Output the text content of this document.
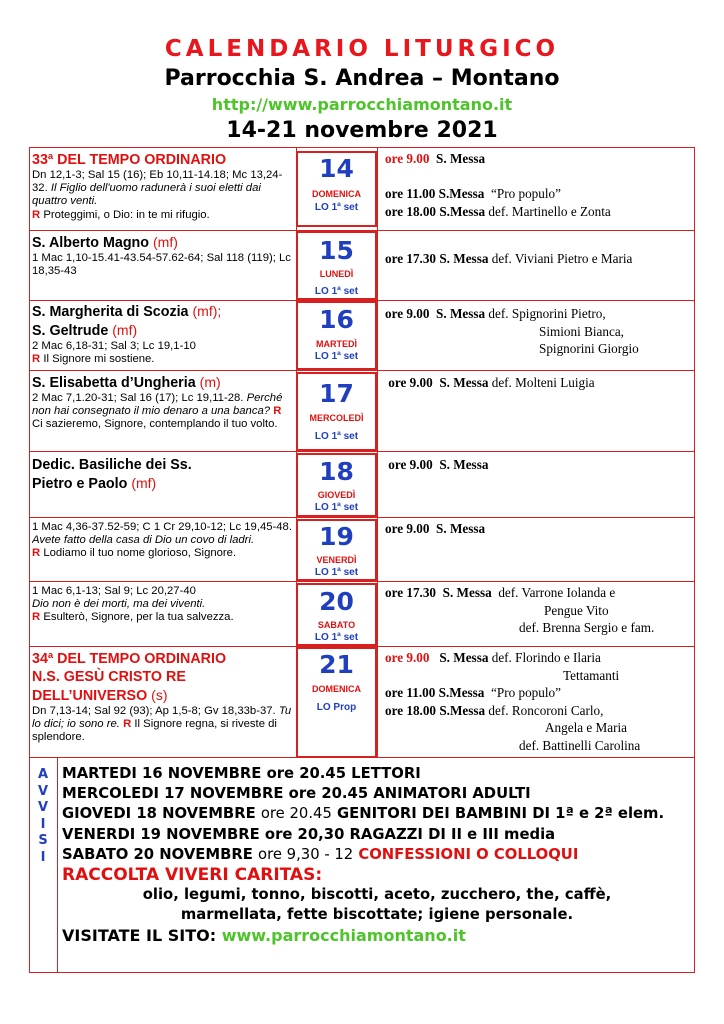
CALENDARIO LITURGICO
Parrocchia S. Andrea – Montano
http://www.parrocchiamontano.it
14-21 novembre 2021
33ª DEL TEMPO ORDINARIO
Dn 12,1-3; Sal 15 (16); Eb 10,11-14.18; Mc 13,24-32. Il Figlio dell'uomo radunerà i suoi eletti dai quattro venti.
R Proteggimi, o Dio: in te mi rifugio.
14
DOMENICA
LO 1ª set
ore 9.00 S. Messa

ore 11.00 S.Messa “Pro populo”
ore 18.00 S.Messa def. Martinello e Zonta
S. Alberto Magno (mf)
1 Mac 1,10-15.41-43.54-57.62-64; Sal 118 (119); Lc 18,35-43
15
LUNEDÌ
LO 1ª set
ore 17.30 S. Messa def. Viviani Pietro e Maria
S. Margherita di Scozia (mf);
S. Geltrude (mf)
2 Mac 6,18-31; Sal 3; Lc 19,1-10
R Il Signore mi sostiene.
16
MARTEDÌ
LO 1ª set
ore 9.00 S. Messa def. Spignorini Pietro,
Simioni Bianca,
Spignorini Giorgio
S. Elisabetta d’Ungheria (m)
2 Mac 7,1.20-31; Sal 16 (17); Lc 19,11-28. Perché non hai consegnato il mio denaro a una banca? R Ci sazieremo, Signore, contemplando il tuo volto.
17
MERCOLEDÌ
LO 1ª set
ore 9.00 S. Messa def. Molteni Luigia
Dedic. Basiliche dei Ss. Pietro e Paolo (mf)	18
GIOVEDÌ
LO 1ª set
ore 9.00 S. Messa
1 Mac 4,36-37.52-59; C 1 Cr 29,10-12; Lc 19,45-48. Avete fatto della casa di Dio un covo di ladri.
R Lodiamo il tuo nome glorioso, Signore.
19
VENERDÌ
LO 1ª set
ore 9.00 S. Messa
1 Mac 6,1-13; Sal 9; Lc 20,27-40
Dio non è dei morti, ma dei viventi.
R Esulterò, Signore, per la tua salvezza.
20
SABATO
LO 1ª set
ore 17.30 S. Messa def. Varrone Iolanda e
Pengue Vito
def. Brenna Sergio e fam.
34ª DEL TEMPO ORDINARIO
N.S. GESÙ CRISTO RE
DELL’UNIVERSO (s)
Dn 7,13-14; Sal 92 (93); Ap 1,5-8; Gv 18,33b-37. Tu lo dici; io sono re. R Il Signore regna, si riveste di splendore.
21
DOMENICA
LO Prop
ore 9.00 S. Messa def. Florindo e Ilaria
Tettamanti
ore 11.00 S.Messa “Pro populo”
ore 18.00 S.Messa def. Roncoroni Carlo,
Angela e Maria
def. Battinelli Carolina
A
V
V
I
S
I
MARTEDI 16 NOVEMBRE ore 20.45 LETTORI
MERCOLEDI 17 NOVEMBRE ore 20.45 ANIMATORI ADULTI
GIOVEDI 18 NOVEMBRE ore 20.45 GENITORI DEI BAMBINI DI 1ª e 2ª elem.
VENERDI 19 NOVEMBRE ore 20,30 RAGAZZI DI II e III media
SABATO 20 NOVEMBRE ore 9,30 - 12 CONFESSIONI O COLLOQUI
RACCOLTA VIVERI CARITAS:
olio, legumi, tonno, biscotti, aceto, zucchero, the, caffè,
marmellata, fette biscottate; igiene personale.
VISITATE IL SITO: www.parrocchiamontano.it
